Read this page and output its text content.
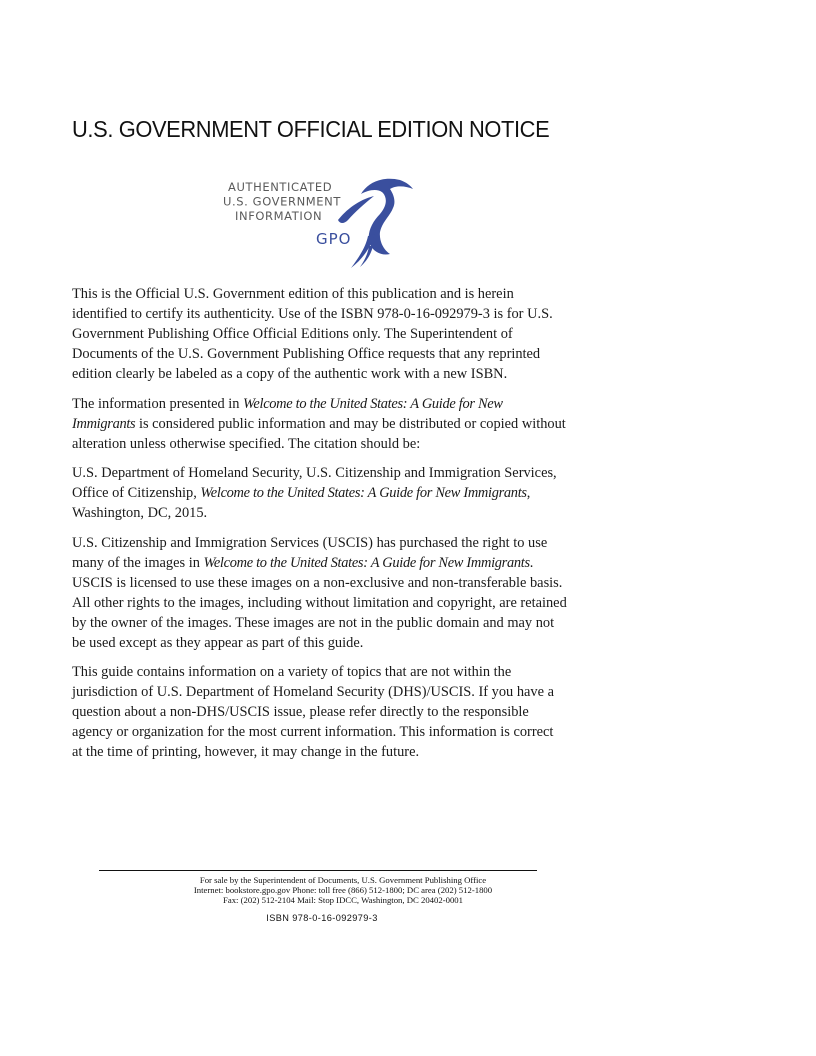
U.S. GOVERNMENT OFFICIAL EDITION NOTICE
AUTHENTICATED
U.S. GOVERNMENT
INFORMATION
GPO

This is the Official U.S. Government edition of this publication and is herein identified to certify its authenticity. Use of the ISBN 978-0-16-092979-3 is for U.S. Government Publishing Office Official Editions only. The Superintendent of Documents of the U.S. Government Publishing Office requests that any reprinted edition clearly be labeled as a copy of the authentic work with a new ISBN.

The information presented in Welcome to the United States: A Guide for New Immigrants is considered public information and may be distributed or copied without alteration unless otherwise specified. The citation should be:

U.S. Department of Homeland Security, U.S. Citizenship and Immigration Services, Office of Citizenship, Welcome to the United States: A Guide for New Immigrants, Washington, DC, 2015.

U.S. Citizenship and Immigration Services (USCIS) has purchased the right to use many of the images in Welcome to the United States: A Guide for New Immigrants. USCIS is licensed to use these images on a non-exclusive and non-transferable basis. All other rights to the images, including without limitation and copyright, are retained by the owner of the images. These images are not in the public domain and may not be used except as they appear as part of this guide.

This guide contains information on a variety of topics that are not within the jurisdiction of U.S. Department of Homeland Security (DHS)/USCIS. If you have a question about a non-DHS/USCIS issue, please refer directly to the responsible agency or organization for the most current information. This information is correct at the time of printing, however, it may change in the future.

For sale by the Superintendent of Documents, U.S. Government Publishing Office
Internet: bookstore.gpo.gov Phone: toll free (866) 512-1800; DC area (202) 512-1800
Fax: (202) 512-2104 Mail: Stop IDCC, Washington, DC 20402-0001
ISBN 978-0-16-092979-3
